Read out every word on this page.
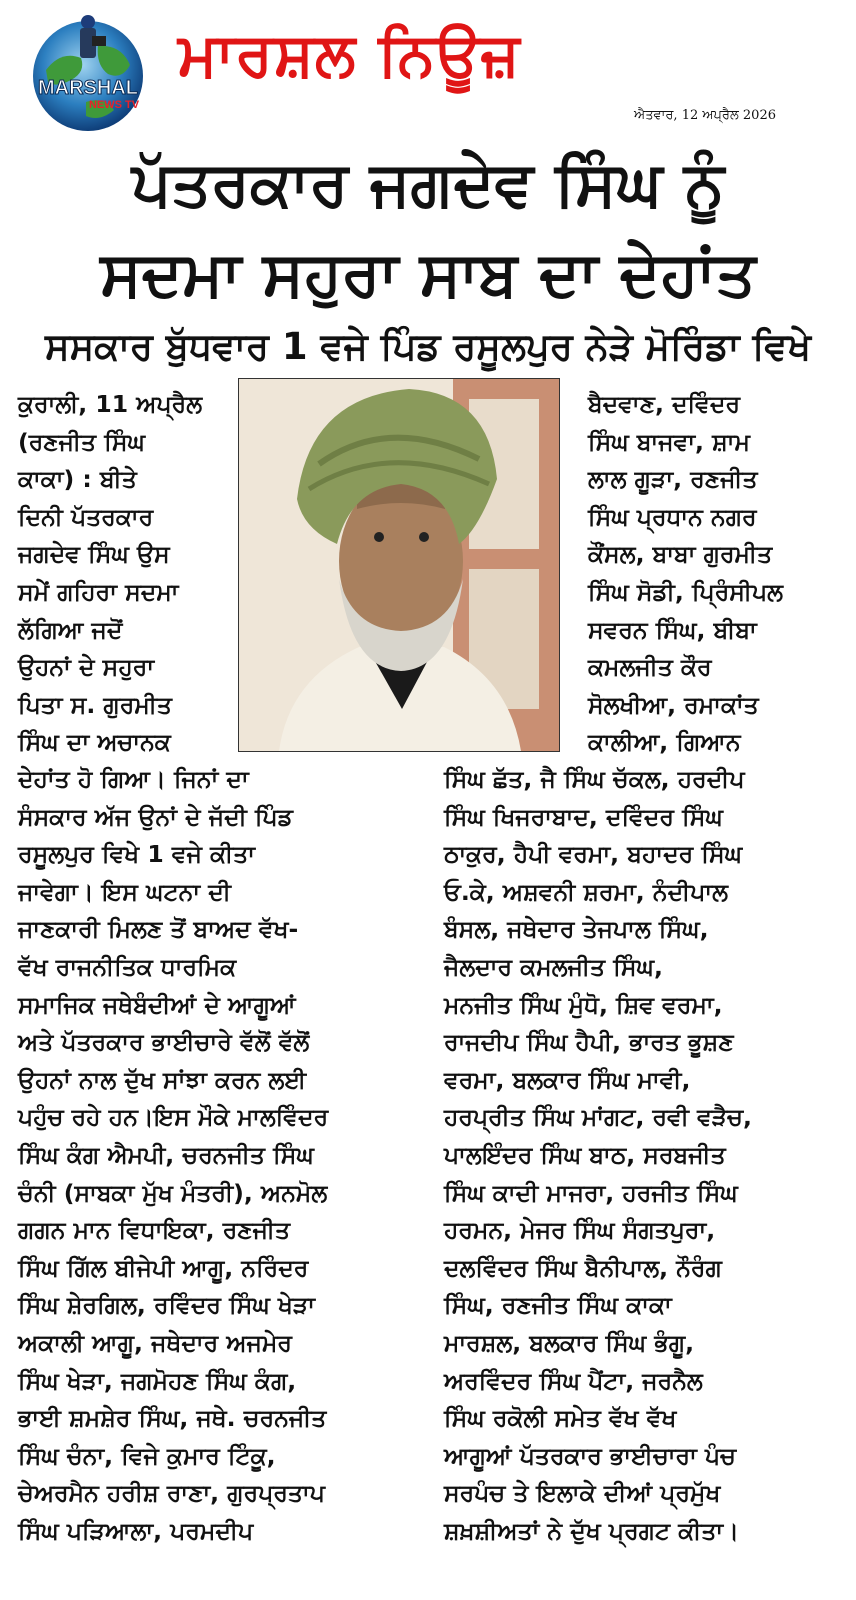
MARSHAL
NEWS TV
ਮਾਰਸ਼ਲ ਨਿਊਜ਼
ਐਤਵਾਰ, 12 ਅਪ੍ਰੈਲ 2026
ਪੱਤਰਕਾਰ ਜਗਦੇਵ ਸਿੰਘ ਨੂੰ
ਸਦਮਾ ਸਹੁਰਾ ਸਾਬ ਦਾ ਦੇਹਾਂਤ
ਸਸਕਾਰ ਬੁੱਧਵਾਰ 1 ਵਜੇ ਪਿੰਡ ਰਸੂਲਪੁਰ ਨੇੜੇ ਮੋਰਿੰਡਾ ਵਿਖੇ
ਕੁਰਾਲੀ, 11 ਅਪ੍ਰੈਲ
(ਰਣਜੀਤ ਸਿੰਘ
ਕਾਕਾ) : ਬੀਤੇ
ਦਿਨੀ ਪੱਤਰਕਾਰ
ਜਗਦੇਵ ਸਿੰਘ ਉਸ
ਸਮੇਂ ਗਹਿਰਾ ਸਦਮਾ
ਲੱਗਿਆ ਜਦੋਂ
ਉਹਨਾਂ ਦੇ ਸਹੁਰਾ
ਪਿਤਾ ਸ. ਗੁਰਮੀਤ
ਸਿੰਘ ਦਾ ਅਚਾਨਕ
ਬੈਦਵਾਣ, ਦਵਿੰਦਰ
ਸਿੰਘ ਬਾਜਵਾ, ਸ਼ਾਮ
ਲਾਲ ਗੂੜਾ, ਰਣਜੀਤ
ਸਿੰਘ ਪ੍ਰਧਾਨ ਨਗਰ
ਕੌਂਸਲ, ਬਾਬਾ ਗੁਰਮੀਤ
ਸਿੰਘ ਸੋਡੀ, ਪ੍ਰਿੰਸੀਪਲ
ਸਵਰਨ ਸਿੰਘ, ਬੀਬਾ
ਕਮਲਜੀਤ ਕੌਰ
ਸੋਲਖੀਆ, ਰਮਾਕਾਂਤ
ਕਾਲੀਆ, ਗਿਆਨ
ਦੇਹਾਂਤ ਹੋ ਗਿਆ। ਜਿਨਾਂ ਦਾ
ਸੰਸਕਾਰ ਅੱਜ ਉਨਾਂ ਦੇ ਜੱਦੀ ਪਿੰਡ
ਰਸੂਲਪੁਰ ਵਿਖੇ 1 ਵਜੇ ਕੀਤਾ
ਜਾਵੇਗਾ। ਇਸ ਘਟਨਾ ਦੀ
ਜਾਣਕਾਰੀ ਮਿਲਣ ਤੋਂ ਬਾਅਦ ਵੱਖ-
ਵੱਖ ਰਾਜਨੀਤਿਕ ਧਾਰਮਿਕ
ਸਮਾਜਿਕ ਜਥੇਬੰਦੀਆਂ ਦੇ ਆਗੂਆਂ
ਅਤੇ ਪੱਤਰਕਾਰ ਭਾਈਚਾਰੇ ਵੱਲੋਂ ਵੱਲੋਂ
ਉਹਨਾਂ ਨਾਲ ਦੁੱਖ ਸਾਂਝਾ ਕਰਨ ਲਈ
ਪਹੁੰਚ ਰਹੇ ਹਨ।ਇਸ ਮੌਕੇ ਮਾਲਵਿੰਦਰ
ਸਿੰਘ ਕੰਗ ਐਮਪੀ, ਚਰਨਜੀਤ ਸਿੰਘ
ਚੰਨੀ (ਸਾਬਕਾ ਮੁੱਖ ਮੰਤਰੀ), ਅਨਮੋਲ
ਗਗਨ ਮਾਨ ਵਿਧਾਇਕਾ, ਰਣਜੀਤ
ਸਿੰਘ ਗਿੱਲ ਬੀਜੇਪੀ ਆਗੂ, ਨਰਿੰਦਰ
ਸਿੰਘ ਸ਼ੇਰਗਿਲ, ਰਵਿੰਦਰ ਸਿੰਘ ਖੇੜਾ
ਅਕਾਲੀ ਆਗੂ, ਜਥੇਦਾਰ ਅਜਮੇਰ
ਸਿੰਘ ਖੇੜਾ, ਜਗਮੋਹਣ ਸਿੰਘ ਕੰਗ,
ਭਾਈ ਸ਼ਮਸ਼ੇਰ ਸਿੰਘ, ਜਥੇ. ਚਰਨਜੀਤ
ਸਿੰਘ ਚੰਨਾ, ਵਿਜੇ ਕੁਮਾਰ ਟਿੰਕੂ,
ਚੇਅਰਮੈਨ ਹਰੀਸ਼ ਰਾਣਾ, ਗੁਰਪ੍ਰਤਾਪ
ਸਿੰਘ ਪੜਿਆਲਾ, ਪਰਮਦੀਪ
ਸਿੰਘ ਛੱਤ, ਜੈ ਸਿੰਘ ਚੱਕਲ, ਹਰਦੀਪ
ਸਿੰਘ ਖਿਜਰਾਬਾਦ, ਦਵਿੰਦਰ ਸਿੰਘ
ਠਾਕੁਰ, ਹੈਪੀ ਵਰਮਾ, ਬਹਾਦਰ ਸਿੰਘ
ਓ.ਕੇ, ਅਸ਼ਵਨੀ ਸ਼ਰਮਾ, ਨੰਦੀਪਾਲ
ਬੰਸਲ, ਜਥੇਦਾਰ ਤੇਜਪਾਲ ਸਿੰਘ,
ਜੈਲਦਾਰ ਕਮਲਜੀਤ ਸਿੰਘ,
ਮਨਜੀਤ ਸਿੰਘ ਮੁੰਧੋ, ਸ਼ਿਵ ਵਰਮਾ,
ਰਾਜਦੀਪ ਸਿੰਘ ਹੈਪੀ, ਭਾਰਤ ਭੂਸ਼ਣ
ਵਰਮਾ, ਬਲਕਾਰ ਸਿੰਘ ਮਾਵੀ,
ਹਰਪ੍ਰੀਤ ਸਿੰਘ ਮਾਂਗਟ, ਰਵੀ ਵੜੈਚ,
ਪਾਲਇੰਦਰ ਸਿੰਘ ਬਾਠ, ਸਰਬਜੀਤ
ਸਿੰਘ ਕਾਦੀ ਮਾਜਰਾ, ਹਰਜੀਤ ਸਿੰਘ
ਹਰਮਨ, ਮੇਜਰ ਸਿੰਘ ਸੰਗਤਪੁਰਾ,
ਦਲਵਿੰਦਰ ਸਿੰਘ ਬੈਨੀਪਾਲ, ਨੌਰੰਗ
ਸਿੰਘ, ਰਣਜੀਤ ਸਿੰਘ ਕਾਕਾ
ਮਾਰਸ਼ਲ, ਬਲਕਾਰ ਸਿੰਘ ਭੰਗੂ,
ਅਰਵਿੰਦਰ ਸਿੰਘ ਪੈਂਟਾ, ਜਰਨੈਲ
ਸਿੰਘ ਰਕੋਲੀ ਸਮੇਤ ਵੱਖ ਵੱਖ
ਆਗੂਆਂ ਪੱਤਰਕਾਰ ਭਾਈਚਾਰਾ ਪੰਚ
ਸਰਪੰਚ ਤੇ ਇਲਾਕੇ ਦੀਆਂ ਪ੍ਰਮੁੱਖ
ਸ਼ਖ਼ਸ਼ੀਅਤਾਂ ਨੇ ਦੁੱਖ ਪ੍ਰਗਟ ਕੀਤਾ।
